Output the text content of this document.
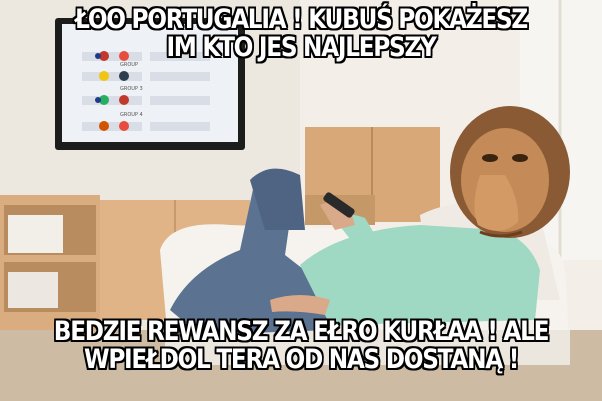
GROUP
GROUP 3
GROUP 4
ŁOO PORTUGALIA ! KUBUŚ POKAŻESZ
IM KTO JES NAJLEPSZY
BEDZIE REWANSZ ZA EŁRO KURŁAA ! ALE
WPIEŁDOL TERA OD NAS DOSTANĄ !
